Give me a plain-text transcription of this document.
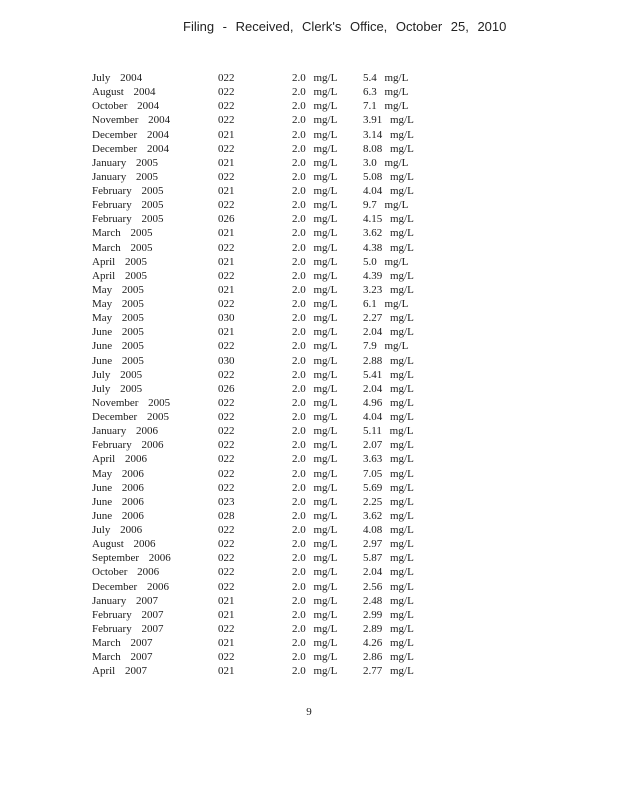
Filing - Received, Clerk's Office, October 25, 2010
July 2004	022	2.0 mg/L	5.4 mg/L
August 2004	022	2.0 mg/L	6.3 mg/L
October 2004	022	2.0 mg/L	7.1 mg/L
November 2004	022	2.0 mg/L	3.91 mg/L
December 2004	021	2.0 mg/L	3.14 mg/L
December 2004	022	2.0 mg/L	8.08 mg/L
January 2005	021	2.0 mg/L	3.0 mg/L
January 2005	022	2.0 mg/L	5.08 mg/L
February 2005	021	2.0 mg/L	4.04 mg/L
February 2005	022	2.0 mg/L	9.7 mg/L
February 2005	026	2.0 mg/L	4.15 mg/L
March 2005	021	2.0 mg/L	3.62 mg/L
March 2005	022	2.0 mg/L	4.38 mg/L
April 2005	021	2.0 mg/L	5.0 mg/L
April 2005	022	2.0 mg/L	4.39 mg/L
May 2005	021	2.0 mg/L	3.23 mg/L
May 2005	022	2.0 mg/L	6.1 mg/L
May 2005	030	2.0 mg/L	2.27 mg/L
June 2005	021	2.0 mg/L	2.04 mg/L
June 2005	022	2.0 mg/L	7.9 mg/L
June 2005	030	2.0 mg/L	2.88 mg/L
July 2005	022	2.0 mg/L	5.41 mg/L
July 2005	026	2.0 mg/L	2.04 mg/L
November 2005	022	2.0 mg/L	4.96 mg/L
December 2005	022	2.0 mg/L	4.04 mg/L
January 2006	022	2.0 mg/L	5.11 mg/L
February 2006	022	2.0 mg/L	2.07 mg/L
April 2006	022	2.0 mg/L	3.63 mg/L
May 2006	022	2.0 mg/L	7.05 mg/L
June 2006	022	2.0 mg/L	5.69 mg/L
June 2006	023	2.0 mg/L	2.25 mg/L
June 2006	028	2.0 mg/L	3.62 mg/L
July 2006	022	2.0 mg/L	4.08 mg/L
August 2006	022	2.0 mg/L	2.97 mg/L
September 2006	022	2.0 mg/L	5.87 mg/L
October 2006	022	2.0 mg/L	2.04 mg/L
December 2006	022	2.0 mg/L	2.56 mg/L
January 2007	021	2.0 mg/L	2.48 mg/L
February 2007	021	2.0 mg/L	2.99 mg/L
February 2007	022	2.0 mg/L	2.89 mg/L
March 2007	021	2.0 mg/L	4.26 mg/L
March 2007	022	2.0 mg/L	2.86 mg/L
April 2007	021	2.0 mg/L	2.77 mg/L
9
